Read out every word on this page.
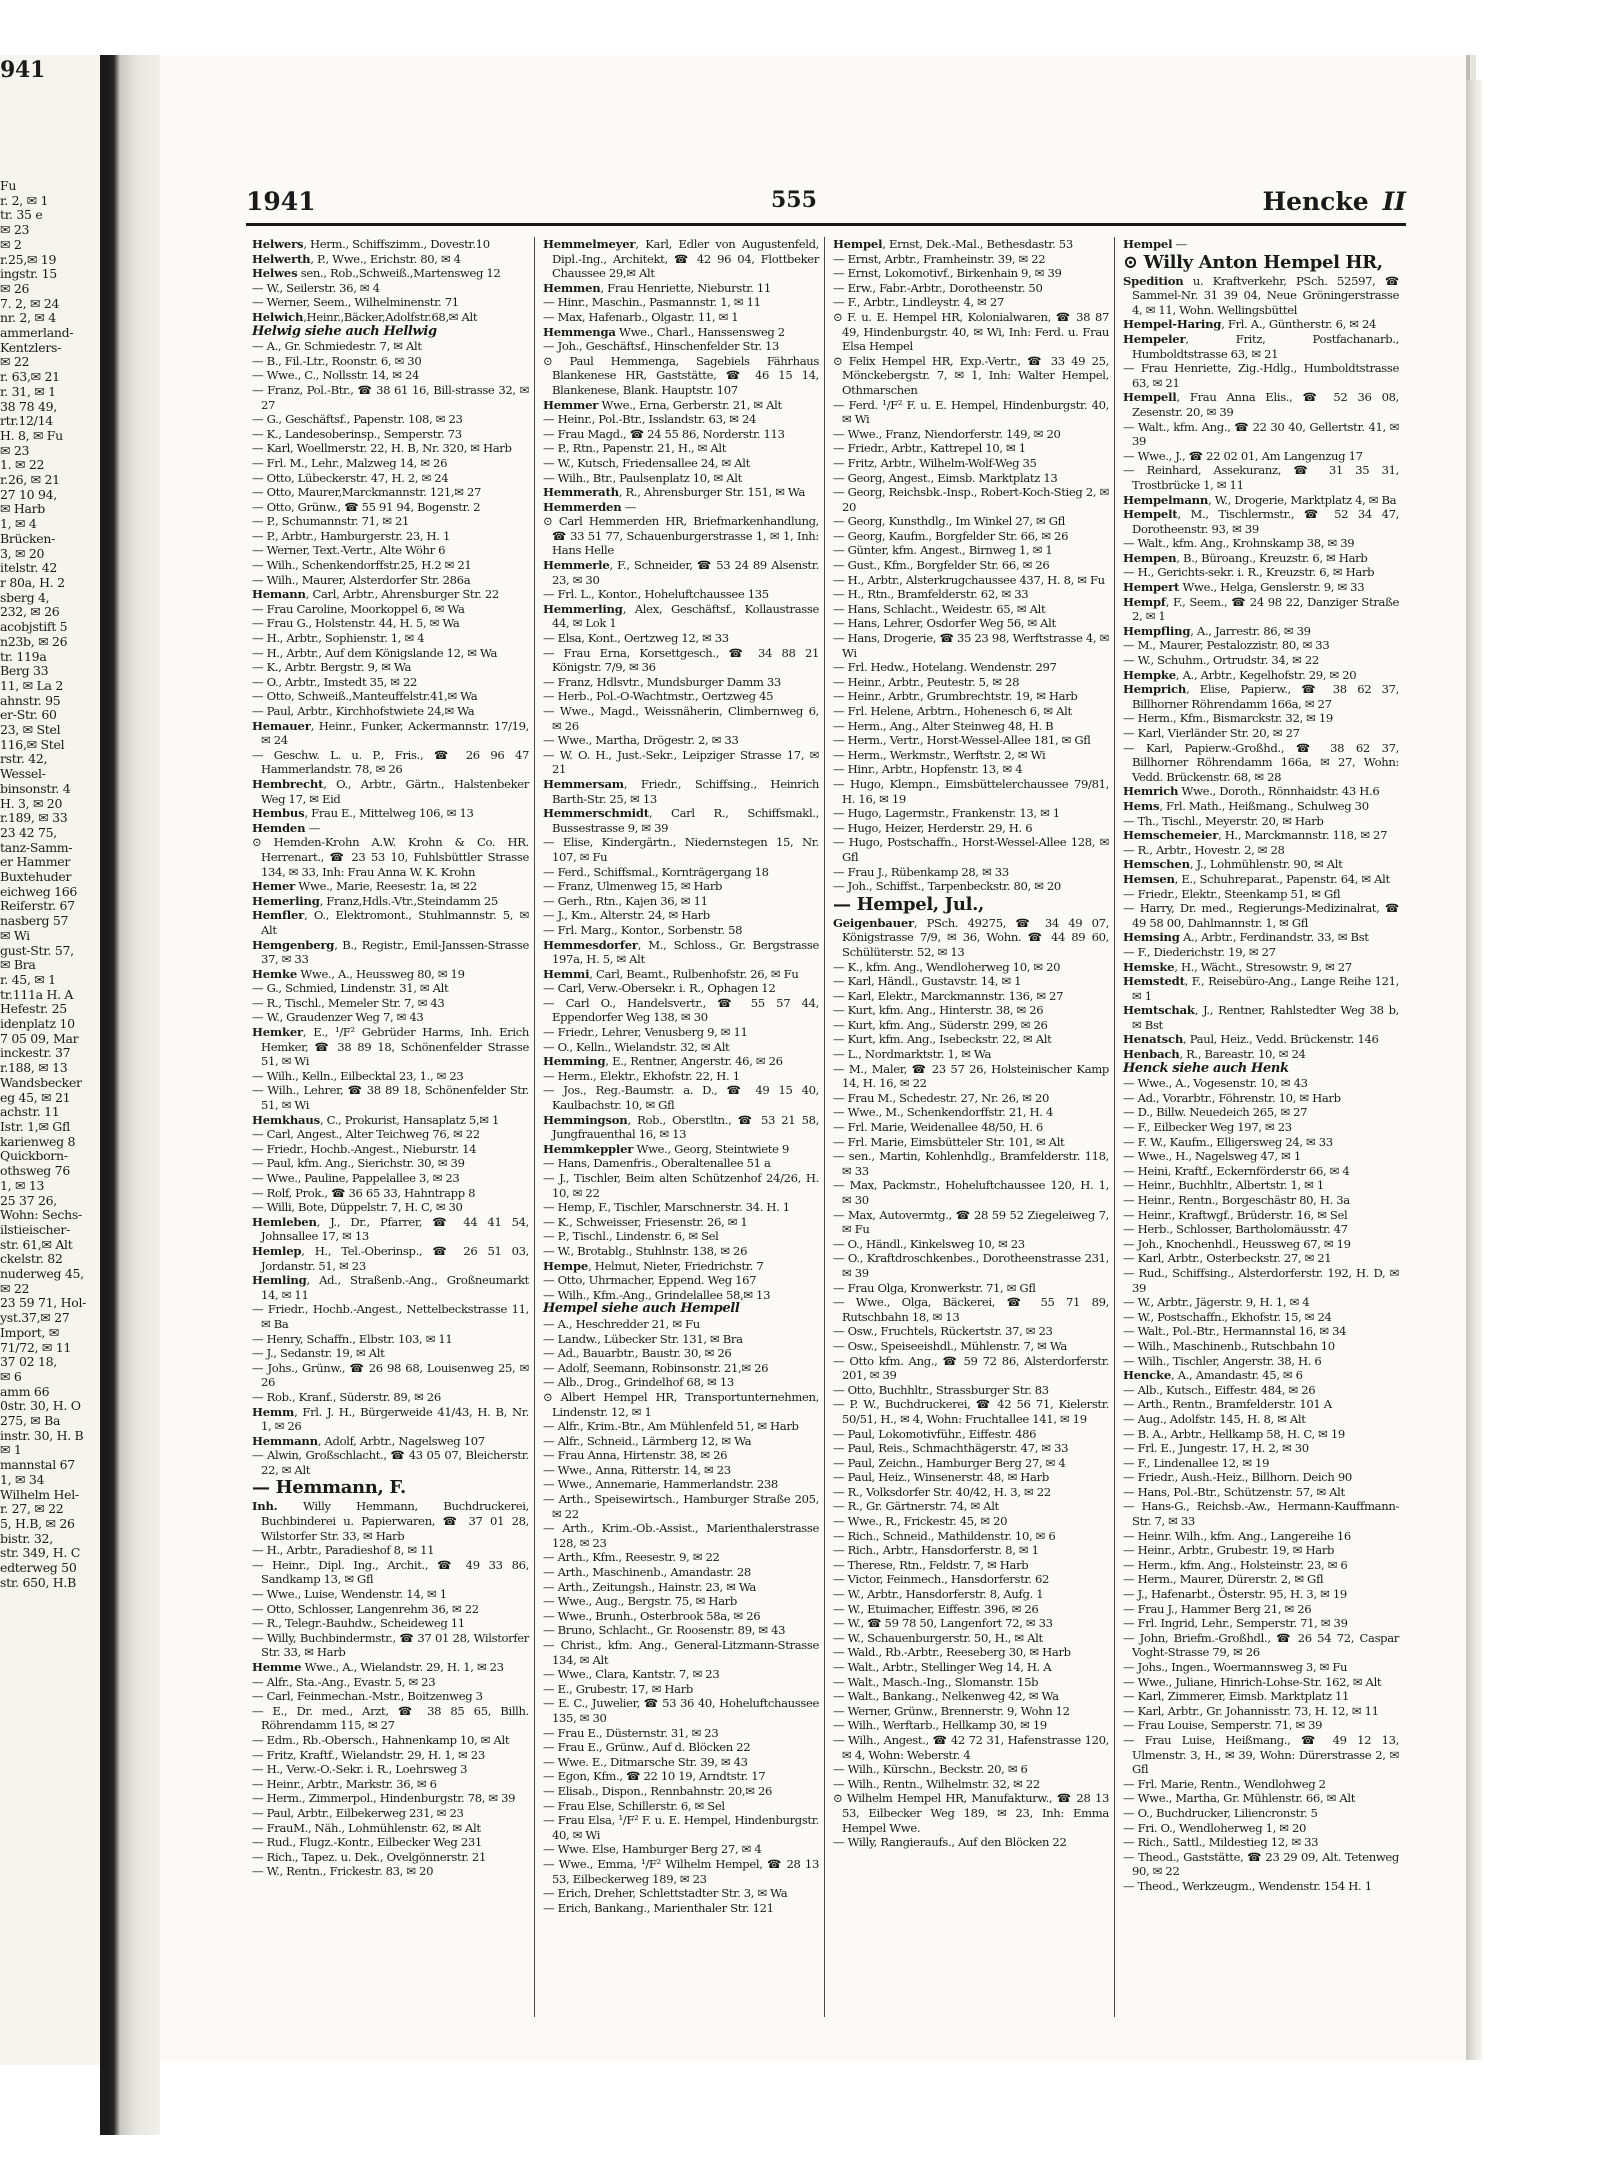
941
Fu
r. 2, ✉ 1
tr. 35 e
✉ 23
✉ 2
r.25,✉ 19
ingstr. 15
✉ 26
7. 2, ✉ 24
nr. 2, ✉ 4
ammerland-
Kentzlers-
✉ 22
r. 63,✉ 21
r. 31, ✉ 1
38 78 49,
rtr.12/14
H. 8, ✉ Fu
✉ 23
1. ✉ 22
r.26, ✉ 21
27 10 94,
✉ Harb
1, ✉ 4
Brücken-
3, ✉ 20
itelstr. 42
r 80a, H. 2
sberg 4,
232, ✉ 26
acobjstift 5
n23b, ✉ 26
tr. 119a
Berg 33
11, ✉ La 2
ahnstr. 95
er-Str. 60
23, ✉ Stel
116,✉ Stel
rstr. 42,
Wessel-
binsonstr. 4
H. 3, ✉ 20
r.189, ✉ 33
23 42 75,
tanz-Samm-
er Hammer
Buxtehuder
eichweg 166
Reiferstr. 67
nasberg 57
✉ Wi
gust-Str. 57,
✉ Bra
r. 45, ✉ 1
tr.111a H. A
Hefestr. 25
idenplatz 10
7 05 09, Mar
inckestr. 37
r.188, ✉ 13
Wandsbecker
eg 45, ✉ 21
achstr. 11
Istr. 1,✉ Gfl
karienweg 8
Quickborn-
othsweg 76
1, ✉ 13
25 37 26,
Wohn: Sechs-
ilstieischer-
str. 61,✉ Alt
ckelstr. 82
nuderweg 45,
✉ 22
23 59 71, Hol-
yst.37,✉ 27
Import, ✉
71/72, ✉ 11
37 02 18,
✉ 6
amm 66
0str. 30, H. O
275, ✉ Ba
instr. 30, H. B
✉ 1
mannstal 67
1, ✉ 34
Wilhelm Hel-
r. 27, ✉ 22
5, H.B, ✉ 26
bistr. 32,
str. 349, H. C
edterweg 50
str. 650, H.B
1941	555	Hencke II
Helwers, Herm., Schiffszimm., Dovestr.10
Helwerth, P., Wwe., Erichstr. 80, ✉ 4
Helwes sen., Rob.,Schweiß.,Martensweg 12
— W., Seilerstr. 36, ✉ 4
— Werner, Seem., Wilhelminenstr. 71
Helwich,Heinr.,Bäcker,Adolfstr.68,✉ Alt
Helwig siehe auch Hellwig
— A., Gr. Schmiedestr. 7, ✉ Alt
— B., Fil.-Ltr., Roonstr. 6, ✉ 30
— Wwe., C., Nollsstr. 14, ✉ 24
— Franz, Pol.-Btr., ☎ 38 61 16, Bill-strasse 32, ✉ 27
— G., Geschäftsf., Papenstr. 108, ✉ 23
— K., Landesoberinsp., Semperstr. 73
— Karl, Woellmerstr. 22, H. B, Nr. 320, ✉ Harb
— Frl. M., Lehr., Malzweg 14, ✉ 26
— Otto, Lübeckerstr. 47, H. 2, ✉ 24
— Otto, Maurer,Marckmannstr. 121,✉ 27
— Otto, Grünw., ☎ 55 91 94, Bogenstr. 2
— P., Schumannstr. 71, ✉ 21
— P., Arbtr., Hamburgerstr. 23, H. 1
— Werner, Text.-Vertr., Alte Wöhr 6
— Wilh., Schenkendorffstr.25, H.2 ✉ 21
— Wilh., Maurer, Alsterdorfer Str. 286a
Hemann, Carl, Arbtr., Ahrensburger Str. 22
— Frau Caroline, Moorkoppel 6, ✉ Wa
— Frau G., Holstenstr. 44, H. 5, ✉ Wa
— H., Arbtr., Sophienstr. 1, ✉ 4
— H., Arbtr., Auf dem Königslande 12, ✉ Wa
— K., Arbtr. Bergstr. 9, ✉ Wa
— O., Arbtr., Imstedt 35, ✉ 22
— Otto, Schweiß.,Manteuffelstr.41,✉ Wa
— Paul, Arbtr., Kirchhofstwiete 24,✉ Wa
Hemauer, Heinr., Funker, Ackermannstr. 17/19, ✉ 24
— Geschw. L. u. P., Fris., ☎ 26 96 47 Hammerlandstr. 78, ✉ 26
Hembrecht, O., Arbtr., Gärtn., Halstenbeker Weg 17, ✉ Eid
Hembus, Frau E., Mittelweg 106, ✉ 13
Hemden —
⊙ Hemden-Krohn A.W. Krohn & Co. HR. Herrenart., ☎ 23 53 10, Fuhlsbüttler Strasse 134, ✉ 33, Inh: Frau Anna W. K. Krohn
Hemer Wwe., Marie, Reesestr. 1a, ✉ 22
Hemerling, Franz,Hdls.-Vtr.,Steindamm 25
Hemfler, O., Elektromont., Stuhlmannstr. 5, ✉ Alt
Hemgenberg, B., Registr., Emil-Janssen-Strasse 37, ✉ 33
Hemke Wwe., A., Heussweg 80, ✉ 19
— G., Schmied, Lindenstr. 31, ✉ Alt
— R., Tischl., Memeler Str. 7, ✉ 43
— W., Graudenzer Weg 7, ✉ 43
Hemker, E., ¹/F² Gebrüder Harms, Inh. Erich Hemker, ☎ 38 89 18, Schönenfelder Strasse 51, ✉ Wi
— Wilh., Kelln., Eilbecktal 23, 1., ✉ 23
— Wilh., Lehrer, ☎ 38 89 18, Schönenfelder Str. 51, ✉ Wi
Hemkhaus, C., Prokurist, Hansaplatz 5,✉ 1
— Carl, Angest., Alter Teichweg 76, ✉ 22
— Friedr., Hochb.-Angest., Nieburstr. 14
— Paul, kfm. Ang., Sierichstr. 30, ✉ 39
— Wwe., Pauline, Pappelallee 3, ✉ 23
— Rolf, Prok., ☎ 36 65 33, Hahntrapp 8
— Willi, Bote, Düppelstr. 7, H. C, ✉ 30
Hemleben, J., Dr., Pfarrer, ☎ 44 41 54, Johnsallee 17, ✉ 13
Hemlep, H., Tel.-Oberinsp., ☎ 26 51 03, Jordanstr. 51, ✉ 23
Hemling, Ad., Straßenb.-Ang., Großneumarkt 14, ✉ 11
— Friedr., Hochb.-Angest., Nettelbeckstrasse 11, ✉ Ba
— Henry, Schaffn., Elbstr. 103, ✉ 11
— J., Sedanstr. 19, ✉ Alt
— Johs., Grünw., ☎ 26 98 68, Louisenweg 25, ✉ 26
— Rob., Kranf., Süderstr. 89, ✉ 26
Hemm, Frl. J. H., Bürgerweide 41/43, H. B, Nr. 1, ✉ 26
Hemmann, Adolf, Arbtr., Nagelsweg 107
— Alwin, Großschlacht., ☎ 43 05 07, Bleicherstr. 22, ✉ Alt
— Hemmann, F.
Inh. Willy Hemmann, Buchdruckerei, Buchbinderei u. Papierwaren, ☎ 37 01 28, Wilstorfer Str. 33, ✉ Harb
— H., Arbtr., Paradieshof 8, ✉ 11
— Heinr., Dipl. Ing., Archit., ☎ 49 33 86, Sandkamp 13, ✉ Gfl
— Wwe., Luise, Wendenstr. 14, ✉ 1
— Otto, Schlosser, Langenrehm 36, ✉ 22
— R., Telegr.-Bauhdw., Scheideweg 11
— Willy, Buchbindermstr., ☎ 37 01 28, Wilstorfer Str. 33, ✉ Harb
Hemme Wwe., A., Wielandstr. 29, H. 1, ✉ 23
— Alfr., Sta.-Ang., Evastr. 5, ✉ 23
— Carl, Feinmechan.-Mstr., Boitzenweg 3
— E., Dr. med., Arzt, ☎ 38 85 65, Billh. Röhrendamm 115, ✉ 27
— Edm., Rb.-Obersch., Hahnenkamp 10, ✉ Alt
— Fritz, Kraftf., Wielandstr. 29, H. 1, ✉ 23
— H., Verw.-O.-Sekr. i. R., Loehrsweg 3
— Heinr., Arbtr., Markstr. 36, ✉ 6
— Herm., Zimmerpol., Hindenburgstr. 78, ✉ 39
— Paul, Arbtr., Eilbekerweg 231, ✉ 23
— FrauM., Näh., Lohmühlenstr. 62, ✉ Alt
— Rud., Flugz.-Kontr., Eilbecker Weg 231
— Rich., Tapez. u. Dek., Ovelgönnerstr. 21
— W., Rentn., Frickestr. 83, ✉ 20
Hemmelmeyer, Karl, Edler von Augustenfeld, Dipl.-Ing., Architekt, ☎ 42 96 04, Flottbeker Chaussee 29,✉ Alt
Hemmen, Frau Henriette, Nieburstr. 11
— Hinr., Maschin., Pasmannstr. 1, ✉ 11
— Max, Hafenarb., Olgastr. 11, ✉ 1
Hemmenga Wwe., Charl., Hanssensweg 2
— Joh., Geschäftsf., Hinschenfelder Str. 13
⊙ Paul Hemmenga, Sagebiels Fährhaus Blankenese HR, Gaststätte, ☎ 46 15 14, Blankenese, Blank. Hauptstr. 107
Hemmer Wwe., Erna, Gerberstr. 21, ✉ Alt
— Heinr., Pol.-Btr., Isslandstr. 63, ✉ 24
— Frau Magd., ☎ 24 55 86, Norderstr. 113
— P., Rtn., Papenstr. 21, H., ✉ Alt
— W., Kutsch, Friedensallee 24, ✉ Alt
— Wilh., Btr., Paulsenplatz 10, ✉ Alt
Hemmerath, R., Ahrensburger Str. 151, ✉ Wa
Hemmerden —
⊙ Carl Hemmerden HR, Briefmarkenhandlung, ☎ 33 51 77, Schauenburgerstrasse 1, ✉ 1, Inh: Hans Helle
Hemmerle, F., Schneider, ☎ 53 24 89 Alsenstr. 23, ✉ 30
— Frl. L., Kontor., Hoheluftchaussee 135
Hemmerling, Alex, Geschäftsf., Kollaustrasse 44, ✉ Lok 1
— Elsa, Kont., Oertzweg 12, ✉ 33
— Frau Erna, Korsettgesch., ☎ 34 88 21 Königstr. 7/9, ✉ 36
— Franz, Hdlsvtr., Mundsburger Damm 33
— Herb., Pol.-O-Wachtmstr., Oertzweg 45
— Wwe., Magd., Weissnäherin, Climbernweg 6, ✉ 26
— Wwe., Martha, Drögestr. 2, ✉ 33
— W. O. H., Just.-Sekr., Leipziger Strasse 17, ✉ 21
Hemmersam, Friedr., Schiffsing., Heinrich Barth-Str. 25, ✉ 13
Hemmerschmidt, Carl R., Schiffsmakl., Bussestrasse 9, ✉ 39
— Elise, Kindergärtn., Niedernstegen 15, Nr. 107, ✉ Fu
— Ferd., Schiffsmal., Kornträgergang 18
— Franz, Ulmenweg 15, ✉ Harb
— Gerh., Rtn., Kajen 36, ✉ 11
— J., Km., Alterstr. 24, ✉ Harb
— Frl. Marg., Kontor., Sorbenstr. 58
Hemmesdorfer, M., Schloss., Gr. Bergstrasse 197a, H. 5, ✉ Alt
Hemmi, Carl, Beamt., Rulbenhofstr. 26, ✉ Fu
— Carl, Verw.-Obersekr. i. R., Ophagen 12
— Carl O., Handelsvertr., ☎ 55 57 44, Eppendorfer Weg 138, ✉ 30
— Friedr., Lehrer, Venusberg 9, ✉ 11
— O., Kelln., Wielandstr. 32, ✉ Alt
Hemming, E., Rentner, Angerstr. 46, ✉ 26
— Herm., Elektr., Ekhofstr. 22, H. 1
— Jos., Reg.-Baumstr. a. D., ☎ 49 15 40, Kaulbachstr. 10, ✉ Gfl
Hemmingson, Rob., Oberstltn., ☎ 53 21 58, Jungfrauenthal 16, ✉ 13
Hemmkeppler Wwe., Georg, Steintwiete 9
— Hans, Damenfris., Oberaltenallee 51 a
— J., Tischler, Beim alten Schützenhof 24/26, H. 10, ✉ 22
— Hemp, F., Tischler, Marschnerstr. 34. H. 1
— K., Schweisser, Friesenstr. 26, ✉ 1
— P., Tischl., Lindenstr. 6, ✉ Sel
— W., Brotablg., Stuhlnstr. 138, ✉ 26
Hempe, Helmut, Nieter, Friedrichstr. 7
— Otto, Uhrmacher, Eppend. Weg 167
— Wilh., Kfm.-Ang., Grindelallee 58,✉ 13
Hempel siehe auch Hempell
— A., Heschredder 21, ✉ Fu
— Landw., Lübecker Str. 131, ✉ Bra
— Ad., Bauarbtr., Baustr. 30, ✉ 26
— Adolf, Seemann, Robinsonstr. 21,✉ 26
— Alb., Drog., Grindelhof 68, ✉ 13
⊙ Albert Hempel HR, Transportunternehmen, Lindenstr. 12, ✉ 1
— Alfr., Krim.-Btr., Am Mühlenfeld 51, ✉ Harb
— Alfr., Schneid., Lärmberg 12, ✉ Wa
— Frau Anna, Hirtenstr. 38, ✉ 26
— Wwe., Anna, Ritterstr. 14, ✉ 23
— Wwe., Annemarie, Hammerlandstr. 238
— Arth., Speisewirtsch., Hamburger Straße 205, ✉ 22
— Arth., Krim.-Ob.-Assist., Marienthalerstrasse 128, ✉ 23
— Arth., Kfm., Reesestr. 9, ✉ 22
— Arth., Maschinenb., Amandastr. 28
— Arth., Zeitungsh., Hainstr. 23, ✉ Wa
— Wwe., Aug., Bergstr. 75, ✉ Harb
— Wwe., Brunh., Osterbrook 58a, ✉ 26
— Bruno, Schlacht., Gr. Roosenstr. 89, ✉ 43
— Christ., kfm. Ang., General-Litzmann-Strasse 134, ✉ Alt
— Wwe., Clara, Kantstr. 7, ✉ 23
— E., Grubestr. 17, ✉ Harb
— E. C., Juwelier, ☎ 53 36 40, Hoheluftchaussee 135, ✉ 30
— Frau E., Düsternstr. 31, ✉ 23
— Frau E., Grünw., Auf d. Blöcken 22
— Wwe. E., Ditmarsche Str. 39, ✉ 43
— Egon, Kfm., ☎ 22 10 19, Arndtstr. 17
— Elisab., Dispon., Rennbahnstr. 20,✉ 26
— Frau Else, Schillerstr. 6, ✉ Sel
— Frau Elsa, ¹/F² F. u. E. Hempel, Hindenburgstr. 40, ✉ Wi
— Wwe. Else, Hamburger Berg 27, ✉ 4
— Wwe., Emma, ¹/F² Wilhelm Hempel, ☎ 28 13 53, Eilbeckerweg 189, ✉ 23
— Erich, Dreher, Schlettstadter Str. 3, ✉ Wa
— Erich, Bankang., Marienthaler Str. 121
Hempel, Ernst, Dek.-Mal., Bethesdastr. 53
— Ernst, Arbtr., Framheinstr. 39, ✉ 22
— Ernst, Lokomotivf., Birkenhain 9, ✉ 39
— Erw., Fabr.-Arbtr., Dorotheenstr. 50
— F., Arbtr., Lindleystr. 4, ✉ 27
⊙ F. u. E. Hempel HR, Kolonialwaren, ☎ 38 87 49, Hindenburgstr. 40, ✉ Wi, Inh: Ferd. u. Frau Elsa Hempel
⊙ Felix Hempel HR, Exp.-Vertr., ☎ 33 49 25, Mönckebergstr. 7, ✉ 1, Inh: Walter Hempel, Othmarschen
— Ferd. ¹/F² F. u. E. Hempel, Hindenburgstr. 40, ✉ Wi
— Wwe., Franz, Niendorferstr. 149, ✉ 20
— Friedr., Arbtr., Kattrepel 10, ✉ 1
— Fritz, Arbtr., Wilhelm-Wolf-Weg 35
— Georg, Angest., Eimsb. Marktplatz 13
— Georg, Reichsbk.-Insp., Robert-Koch-Stieg 2, ✉ 20
— Georg, Kunsthdlg., Im Winkel 27, ✉ Gfl
— Georg, Kaufm., Borgfelder Str. 66, ✉ 26
— Günter, kfm. Angest., Birnweg 1, ✉ 1
— Gust., Kfm., Borgfelder Str. 66, ✉ 26
— H., Arbtr., Alsterkrugchaussee 437, H. 8, ✉ Fu
— H., Rtn., Bramfelderstr. 62, ✉ 33
— Hans, Schlacht., Weidestr. 65, ✉ Alt
— Hans, Lehrer, Osdorfer Weg 56, ✉ Alt
— Hans, Drogerie, ☎ 35 23 98, Werftstrasse 4, ✉ Wi
— Frl. Hedw., Hotelang. Wendenstr. 297
— Heinr., Arbtr., Peutestr. 5, ✉ 28
— Heinr., Arbtr., Grumbrechtstr. 19, ✉ Harb
— Frl. Helene, Arbtrn., Hohenesch 6, ✉ Alt
— Herm., Ang., Alter Steinweg 48, H. B
— Herm., Vertr., Horst-Wessel-Allee 181, ✉ Gfl
— Herm., Werkmstr., Werftstr. 2, ✉ Wi
— Hinr., Arbtr., Hopfenstr. 13, ✉ 4
— Hugo, Klempn., Eimsbüttelerchaussee 79/81, H. 16, ✉ 19
— Hugo, Lagermstr., Frankenstr. 13, ✉ 1
— Hugo, Heizer, Herderstr. 29, H. 6
— Hugo, Postschaffn., Horst-Wessel-Allee 128, ✉ Gfl
— Frau J., Rübenkamp 28, ✉ 33
— Joh., Schiffst., Tarpenbeckstr. 80, ✉ 20
— Hempel, Jul.,
Geigenbauer, PSch. 49275, ☎ 34 49 07, Königstrasse 7/9, ✉ 36, Wohn. ☎ 44 89 60, Schülüterstr. 52, ✉ 13
— K., kfm. Ang., Wendloherweg 10, ✉ 20
— Karl, Händl., Gustavstr. 14, ✉ 1
— Karl, Elektr., Marckmannstr. 136, ✉ 27
— Kurt, kfm. Ang., Hinterstr. 38, ✉ 26
— Kurt, kfm. Ang., Süderstr. 299, ✉ 26
— Kurt, kfm. Ang., Isebeckstr. 22, ✉ Alt
— L., Nordmarktstr. 1, ✉ Wa
— M., Maler, ☎ 23 57 26, Holsteinischer Kamp 14, H. 16, ✉ 22
— Frau M., Schedestr. 27, Nr. 26, ✉ 20
— Wwe., M., Schenkendorffstr. 21, H. 4
— Frl. Marie, Weidenallee 48/50, H. 6
— Frl. Marie, Eimsbütteler Str. 101, ✉ Alt
— sen., Martin, Kohlenhdlg., Bramfelderstr. 118, ✉ 33
— Max, Packmstr., Hoheluftchaussee 120, H. 1, ✉ 30
— Max, Autovermtg., ☎ 28 59 52 Ziegeleiweg 7, ✉ Fu
— O., Händl., Kinkelsweg 10, ✉ 23
— O., Kraftdroschkenbes., Dorotheenstrasse 231, ✉ 39
— Frau Olga, Kronwerkstr. 71, ✉ Gfl
— Wwe., Olga, Bäckerei, ☎ 55 71 89, Rutschbahn 18, ✉ 13
— Osw., Fruchtels, Rückertstr. 37, ✉ 23
— Osw., Speiseeishdl., Mühlenstr. 7, ✉ Wa
— Otto kfm. Ang., ☎ 59 72 86, Alsterdorferstr. 201, ✉ 39
— Otto, Buchhltr., Strassburger Str. 83
— P. W., Buchdruckerei, ☎ 42 56 71, Kielerstr. 50/51, H., ✉ 4, Wohn: Fruchtallee 141, ✉ 19
— Paul, Lokomotivführ., Eiffestr. 486
— Paul, Reis., Schmachthägerstr. 47, ✉ 33
— Paul, Zeichn., Hamburger Berg 27, ✉ 4
— Paul, Heiz., Winsenerstr. 48, ✉ Harb
— R., Volksdorfer Str. 40/42, H. 3, ✉ 22
— R., Gr. Gärtnerstr. 74, ✉ Alt
— Wwe., R., Frickestr. 45, ✉ 20
— Rich., Schneid., Mathildenstr. 10, ✉ 6
— Rich., Arbtr., Hansdorferstr. 8, ✉ 1
— Therese, Rtn., Feldstr. 7, ✉ Harb
— Victor, Feinmech., Hansdorferstr. 62
— W., Arbtr., Hansdorferstr. 8, Aufg. 1
— W., Etuimacher, Eiffestr. 396, ✉ 26
— W., ☎ 59 78 50, Langenfort 72, ✉ 33
— W., Schauenburgerstr. 50, H., ✉ Alt
— Wald., Rb.-Arbtr., Reeseberg 30, ✉ Harb
— Walt., Arbtr., Stellinger Weg 14, H. A
— Walt., Masch.-Ing., Slomanstr. 15b
— Walt., Bankang., Nelkenweg 42, ✉ Wa
— Werner, Grünw., Brennerstr. 9, Wohn 12
— Wilh., Werftarb., Hellkamp 30, ✉ 19
— Wilh., Angest., ☎ 42 72 31, Hafenstrasse 120, ✉ 4, Wohn: Weberstr. 4
— Wilh., Kürschn., Beckstr. 20, ✉ 6
— Wilh., Rentn., Wilhelmstr. 32, ✉ 22
⊙ Wilhelm Hempel HR, Manufakturw., ☎ 28 13 53, Eilbecker Weg 189, ✉ 23, Inh: Emma Hempel Wwe.
— Willy, Rangieraufs., Auf den Blöcken 22
Hempel —
⊙ Willy Anton Hempel HR,
Spedition u. Kraftverkehr, PSch. 52597, ☎ Sammel-Nr. 31 39 04, Neue Gröningerstrasse 4, ✉ 11, Wohn. Wellingsbüttel
Hempel-Haring, Frl. A., Güntherstr. 6, ✉ 24
Hempeler, Fritz, Postfachanarb., Humboldtstrasse 63, ✉ 21
— Frau Henriette, Zig.-Hdlg., Humboldtstrasse 63, ✉ 21
Hempell, Frau Anna Elis., ☎ 52 36 08, Zesenstr. 20, ✉ 39
— Walt., kfm. Ang., ☎ 22 30 40, Gellertstr. 41, ✉ 39
— Wwe., J., ☎ 22 02 01, Am Langenzug 17
— Reinhard, Assekuranz, ☎ 31 35 31, Trostbrücke 1, ✉ 11
Hempelmann, W., Drogerie, Marktplatz 4, ✉ Ba
Hempelt, M., Tischlermstr., ☎ 52 34 47, Dorotheenstr. 93, ✉ 39
— Walt., kfm. Ang., Krohnskamp 38, ✉ 39
Hempen, B., Büroang., Kreuzstr. 6, ✉ Harb
— H., Gerichts-sekr. i. R., Kreuzstr. 6, ✉ Harb
Hempert Wwe., Helga, Genslerstr. 9, ✉ 33
Hempf, F., Seem., ☎ 24 98 22, Danziger Straße 2, ✉ 1
Hempfling, A., Jarrestr. 86, ✉ 39
— M., Maurer, Pestalozzistr. 80, ✉ 33
— W., Schuhm., Ortrudstr. 34, ✉ 22
Hempke, A., Arbtr., Kegelhofstr. 29, ✉ 20
Hemprich, Elise, Papierw., ☎ 38 62 37, Billhorner Röhrendamm 166a, ✉ 27
— Herm., Kfm., Bismarckstr. 32, ✉ 19
— Karl, Vierländer Str. 20, ✉ 27
— Karl, Papierw.-Großhd., ☎ 38 62 37, Billhorner Röhrendamm 166a, ✉ 27, Wohn: Vedd. Brückenstr. 68, ✉ 28
Hemrich Wwe., Doroth., Rönnhaidstr. 43 H.6
Hems, Frl. Math., Heißmang., Schulweg 30
— Th., Tischl., Meyerstr. 20, ✉ Harb
Hemschemeier, H., Marckmannstr. 118, ✉ 27
— R., Arbtr., Hovestr. 2, ✉ 28
Hemschen, J., Lohmühlenstr. 90, ✉ Alt
Hemsen, E., Schuhreparat., Papenstr. 64, ✉ Alt
— Friedr., Elektr., Steenkamp 51, ✉ Gfl
— Harry, Dr. med., Regierungs-Medizinalrat, ☎ 49 58 00, Dahlmannstr. 1, ✉ Gfl
Hemsing A., Arbtr., Ferdinandstr. 33, ✉ Bst
— F., Diederichstr. 19, ✉ 27
Hemske, H., Wächt., Stresowstr. 9, ✉ 27
Hemstedt, F., Reisebüro-Ang., Lange Reihe 121, ✉ 1
Hemtschak, J., Rentner, Rahlstedter Weg 38 b, ✉ Bst
Henatsch, Paul, Heiz., Vedd. Brückenstr. 146
Henbach, R., Bareastr. 10, ✉ 24
Henck siehe auch Henk
— Wwe., A., Vogesenstr. 10, ✉ 43
— Ad., Vorarbtr., Föhrenstr. 10, ✉ Harb
— D., Billw. Neuedeich 265, ✉ 27
— F., Eilbecker Weg 197, ✉ 23
— F. W., Kaufm., Elligersweg 24, ✉ 33
— Wwe., H., Nagelsweg 47, ✉ 1
— Heini, Kraftf., Eckernförderstr 66, ✉ 4
— Heinr., Buchhltr., Albertstr. 1, ✉ 1
— Heinr., Rentn., Borgeschästr 80, H. 3a
— Heinr., Kraftwgf., Brüderstr. 16, ✉ Sel
— Herb., Schlosser, Bartholomäusstr. 47
— Joh., Knochenhdl., Heussweg 67, ✉ 19
— Karl, Arbtr., Osterbeckstr. 27, ✉ 21
— Rud., Schiffsing., Alsterdorferstr. 192, H. D, ✉ 39
— W., Arbtr., Jägerstr. 9, H. 1, ✉ 4
— W., Postschaffn., Ekhofstr. 15, ✉ 24
— Walt., Pol.-Btr., Hermannstal 16, ✉ 34
— Wilh., Maschinenb., Rutschbahn 10
— Wilh., Tischler, Angerstr. 38, H. 6
Hencke, A., Amandastr. 45, ✉ 6
— Alb., Kutsch., Eiffestr. 484, ✉ 26
— Arth., Rentn., Bramfelderstr. 101 A
— Aug., Adolfstr. 145, H. 8, ✉ Alt
— B. A., Arbtr., Hellkamp 58, H. C, ✉ 19
— Frl. E., Jungestr. 17, H. 2, ✉ 30
— F., Lindenallee 12, ✉ 19
— Friedr., Aush.-Heiz., Billhorn. Deich 90
— Hans, Pol.-Btr., Schützenstr. 57, ✉ Alt
— Hans-G., Reichsb.-Aw., Hermann-Kauffmann-Str. 7, ✉ 33
— Heinr. Wilh., kfm. Ang., Langereihe 16
— Heinr., Arbtr., Grubestr. 19, ✉ Harb
— Herm., kfm. Ang., Holsteinstr. 23, ✉ 6
— Herm., Maurer, Dürerstr. 2, ✉ Gfl
— J., Hafenarbt., Österstr. 95, H. 3, ✉ 19
— Frau J., Hammer Berg 21, ✉ 26
— Frl. Ingrid, Lehr., Semperstr. 71, ✉ 39
— John, Briefm.-Großhdl., ☎ 26 54 72, Caspar Voght-Strasse 79, ✉ 26
— Johs., Ingen., Woermannsweg 3, ✉ Fu
— Wwe., Juliane, Hinrich-Lohse-Str. 162, ✉ Alt
— Karl, Zimmerer, Eimsb. Marktplatz 11
— Karl, Arbtr., Gr. Johannisstr. 73, H. 12, ✉ 11
— Frau Louise, Semperstr. 71, ✉ 39
— Frau Luise, Heißmang., ☎ 49 12 13, Ulmenstr. 3, H., ✉ 39, Wohn: Dürerstrasse 2, ✉ Gfl
— Frl. Marie, Rentn., Wendlohweg 2
— Wwe., Martha, Gr. Mühlenstr. 66, ✉ Alt
— O., Buchdrucker, Liliencronstr. 5
— Fri. O., Wendloherweg 1, ✉ 20
— Rich., Sattl., Mildestieg 12, ✉ 33
— Theod., Gaststätte, ☎ 23 29 09, Alt. Tetenweg 90, ✉ 22
— Theod., Werkzeugm., Wendenstr. 154 H. 1
